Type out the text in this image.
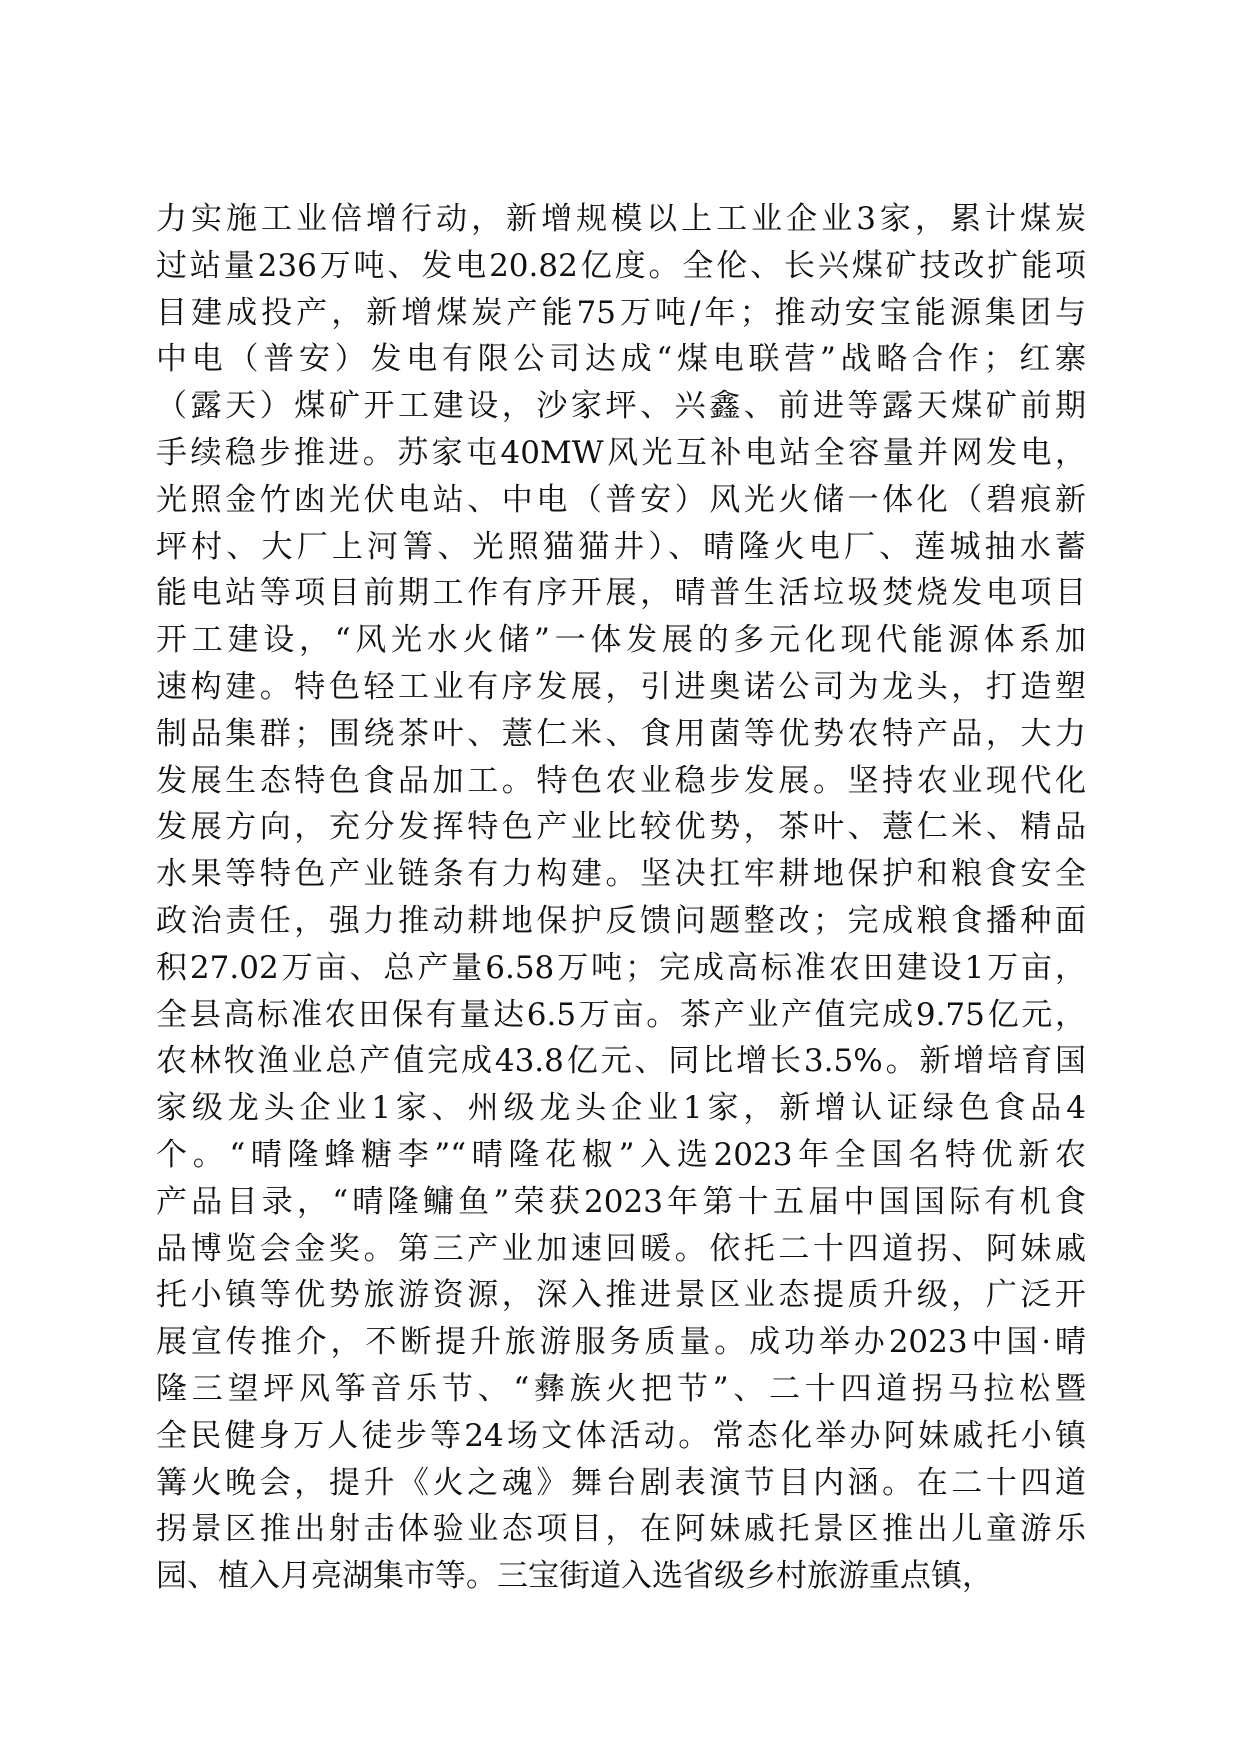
力实施工业倍增行动，新增规模以上工业企业3家，累计煤炭
过站量236万吨、发电20.82亿度。全伦、长兴煤矿技改扩能项
目建成投产，新增煤炭产能75万吨/年；推动安宝能源集团与
中电（普安）发电有限公司达成“煤电联营”战略合作；红寨
（露天）煤矿开工建设，沙家坪、兴鑫、前进等露天煤矿前期
手续稳步推进。苏家屯40MW风光互补电站全容量并网发电，
光照金竹凼光伏电站、中电（普安）风光火储一体化（碧痕新
坪村、大厂上河箐、光照猫猫井）、晴隆火电厂、莲城抽水蓄
能电站等项目前期工作有序开展，晴普生活垃圾焚烧发电项目
开工建设，“风光水火储”一体发展的多元化现代能源体系加
速构建。特色轻工业有序发展，引进奥诺公司为龙头，打造塑
制品集群；围绕茶叶、薏仁米、食用菌等优势农特产品，大力
发展生态特色食品加工。特色农业稳步发展。坚持农业现代化
发展方向，充分发挥特色产业比较优势，茶叶、薏仁米、精品
水果等特色产业链条有力构建。坚决扛牢耕地保护和粮食安全
政治责任，强力推动耕地保护反馈问题整改；完成粮食播种面
积27.02万亩、总产量6.58万吨；完成高标准农田建设1万亩，
全县高标准农田保有量达6.5万亩。茶产业产值完成9.75亿元，
农林牧渔业总产值完成43.8亿元、同比增长3.5%。新增培育国
家级龙头企业1家、州级龙头企业1家，新增认证绿色食品4
个。“晴隆蜂糖李”“晴隆花椒”入选2023年全国名特优新农
产品目录，“晴隆鳙鱼”荣获2023年第十五届中国国际有机食
品博览会金奖。第三产业加速回暖。依托二十四道拐、阿妹戚
托小镇等优势旅游资源，深入推进景区业态提质升级，广泛开
展宣传推介，不断提升旅游服务质量。成功举办2023中国·晴
隆三望坪风筝音乐节、“彝族火把节”、二十四道拐马拉松暨
全民健身万人徒步等24场文体活动。常态化举办阿妹戚托小镇
篝火晚会，提升《火之魂》舞台剧表演节目内涵。在二十四道
拐景区推出射击体验业态项目，在阿妹戚托景区推出儿童游乐
园、植入月亮湖集市等。三宝街道入选省级乡村旅游重点镇，
